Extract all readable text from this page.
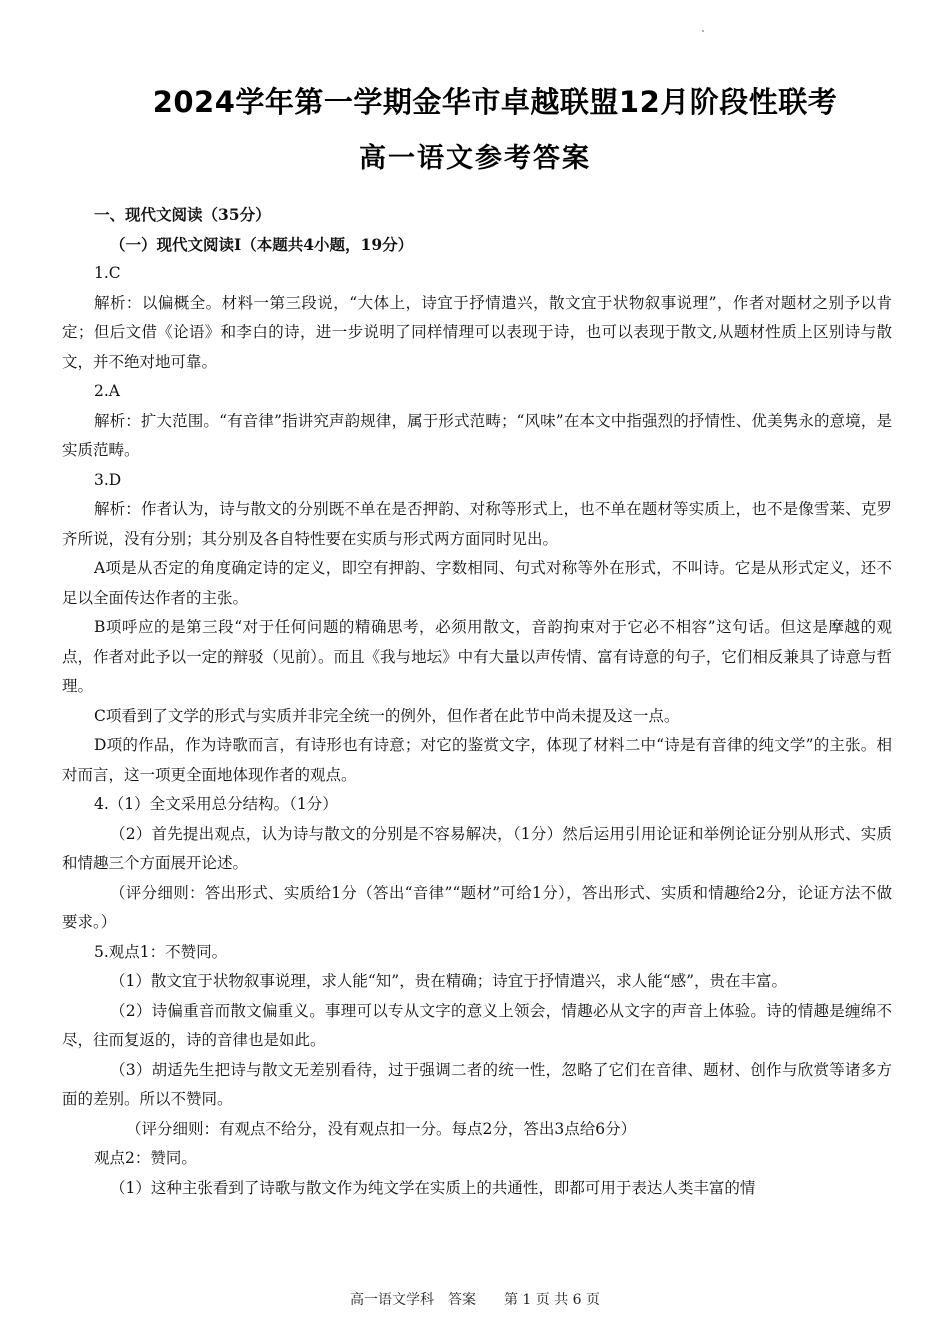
2024学年第一学期金华市卓越联盟12月阶段性联考
高一语文参考答案

一、现代文阅读（35分）

（一）现代文阅读Ⅰ（本题共4小题，19分）

1.C

解析：以偏概全。材料一第三段说，“大体上，诗宜于抒情遣兴，散文宜于状物叙事说理”，作者对题材之别予以肯定；但后文借《论语》和李白的诗，进一步说明了同样情理可以表现于诗，也可以表现于散文,从题材性质上区别诗与散文，并不绝对地可靠。

2.A

解析：扩大范围。“有音律”指讲究声韵规律，属于形式范畴；“风味”在本文中指强烈的抒情性、优美隽永的意境，是实质范畴。

3.D

解析：作者认为，诗与散文的分别既不单在是否押韵、对称等形式上，也不单在题材等实质上，也不是像雪莱、克罗齐所说，没有分别；其分别及各自特性要在实质与形式两方面同时见出。

A项是从否定的角度确定诗的定义，即空有押韵、字数相同、句式对称等外在形式，不叫诗。它是从形式定义，还不足以全面传达作者的主张。

B项呼应的是第三段“对于任何问题的精确思考，必须用散文，音韵拘束对于它必不相容”这句话。但这是摩越的观点，作者对此予以一定的辩驳（见前）。而且《我与地坛》中有大量以声传情、富有诗意的句子，它们相反兼具了诗意与哲理。

C项看到了文学的形式与实质并非完全统一的例外，但作者在此节中尚未提及这一点。

D项的作品，作为诗歌而言，有诗形也有诗意；对它的鉴赏文字，体现了材料二中“诗是有音律的纯文学”的主张。相对而言，这一项更全面地体现作者的观点。

4.（1）全文采用总分结构。（1分）

（2）首先提出观点，认为诗与散文的分别是不容易解决，（1分）然后运用引用论证和举例论证分别从形式、实质和情趣三个方面展开论述。

（评分细则：答出形式、实质给1分（答出“音律”“题材”可给1分），答出形式、实质和情趣给2分，论证方法不做要求。）

5.观点1：不赞同。

（1）散文宜于状物叙事说理，求人能“知”，贵在精确；诗宜于抒情遣兴，求人能“感”，贵在丰富。

（2）诗偏重音而散文偏重义。事理可以专从文字的意义上领会，情趣必从文字的声音上体验。诗的情趣是缠绵不尽，往而复返的，诗的音律也是如此。

（3）胡适先生把诗与散文无差别看待，过于强调二者的统一性，忽略了它们在音律、题材、创作与欣赏等诸多方面的差别。所以不赞同。

（评分细则：有观点不给分，没有观点扣一分。每点2分，答出3点给6分）

观点2：赞同。

（1）这种主张看到了诗歌与散文作为纯文学在实质上的共通性，即都可用于表达人类丰富的情

高一语文学科　答案　　第 1 页 共 6 页
